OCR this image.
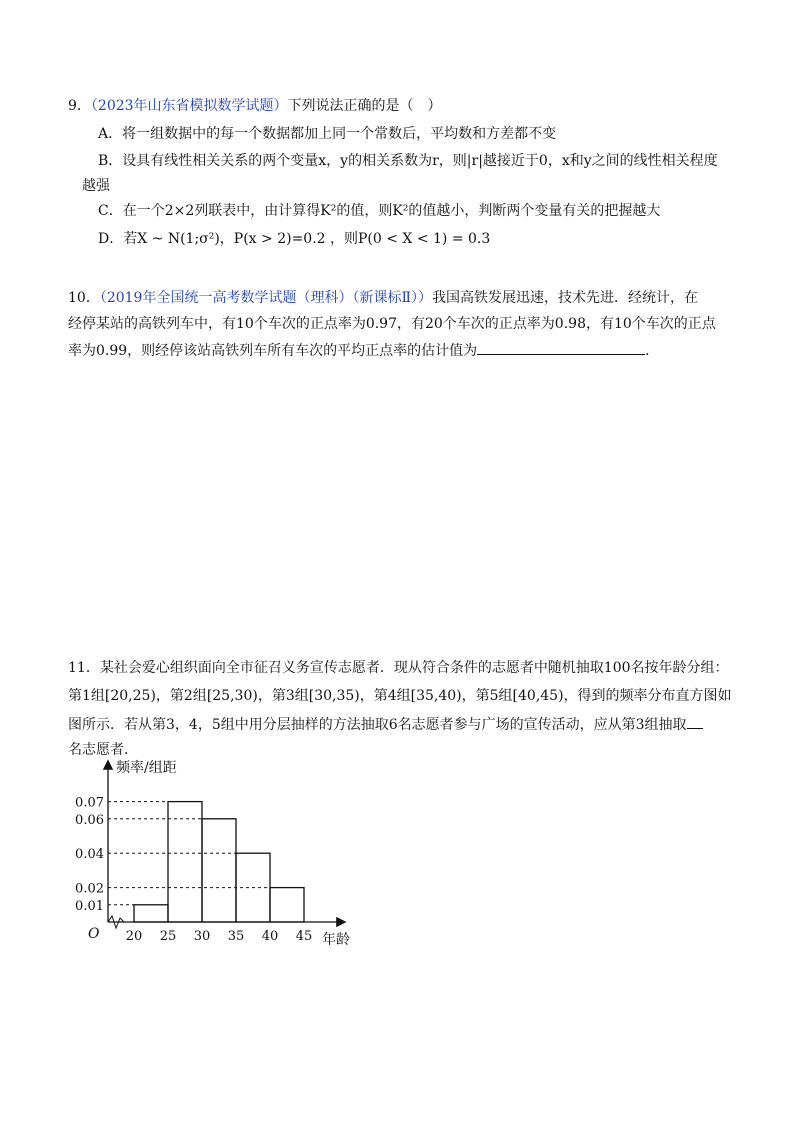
9．（2023年山东省模拟数学试题）下列说法正确的是（　）
A．将一组数据中的每一个数据都加上同一个常数后，平均数和方差都不变
B．设具有线性相关关系的两个变量x，y的相关系数为r，则|r|越接近于0，x和y之间的线性相关程度
越强
C．在一个2×2列联表中，由计算得K²的值，则K²的值越小，判断两个变量有关的把握越大
D．若X ~ N(1;σ²)，P(x > 2)=0.2 ，则P(0 < X < 1) = 0.3
10．（2019年全国统一高考数学试题（理科）（新课标Ⅱ））我国高铁发展迅速，技术先进．经统计，在
经停某站的高铁列车中，有10个车次的正点率为0.97，有20个车次的正点率为0.98，有10个车次的正点
率为0.99，则经停该站高铁列车所有车次的平均正点率的估计值为	．
11．某社会爱心组织面向全市征召义务宣传志愿者．现从符合条件的志愿者中随机抽取100名按年龄分组：
第1组[20,25)，第2组[25,30)，第3组[30,35)，第4组[35,40)，第5组[40,45)，得到的频率分布直方图如
图所示．若从第3，4，5组中用分层抽样的方法抽取6名志愿者参与广场的宣传活动，应从第3组抽取
名志愿者．
0.07
0.06
0.04
0.02
0.01
20 25 30 35 40 45
频率/组距
年龄
O
